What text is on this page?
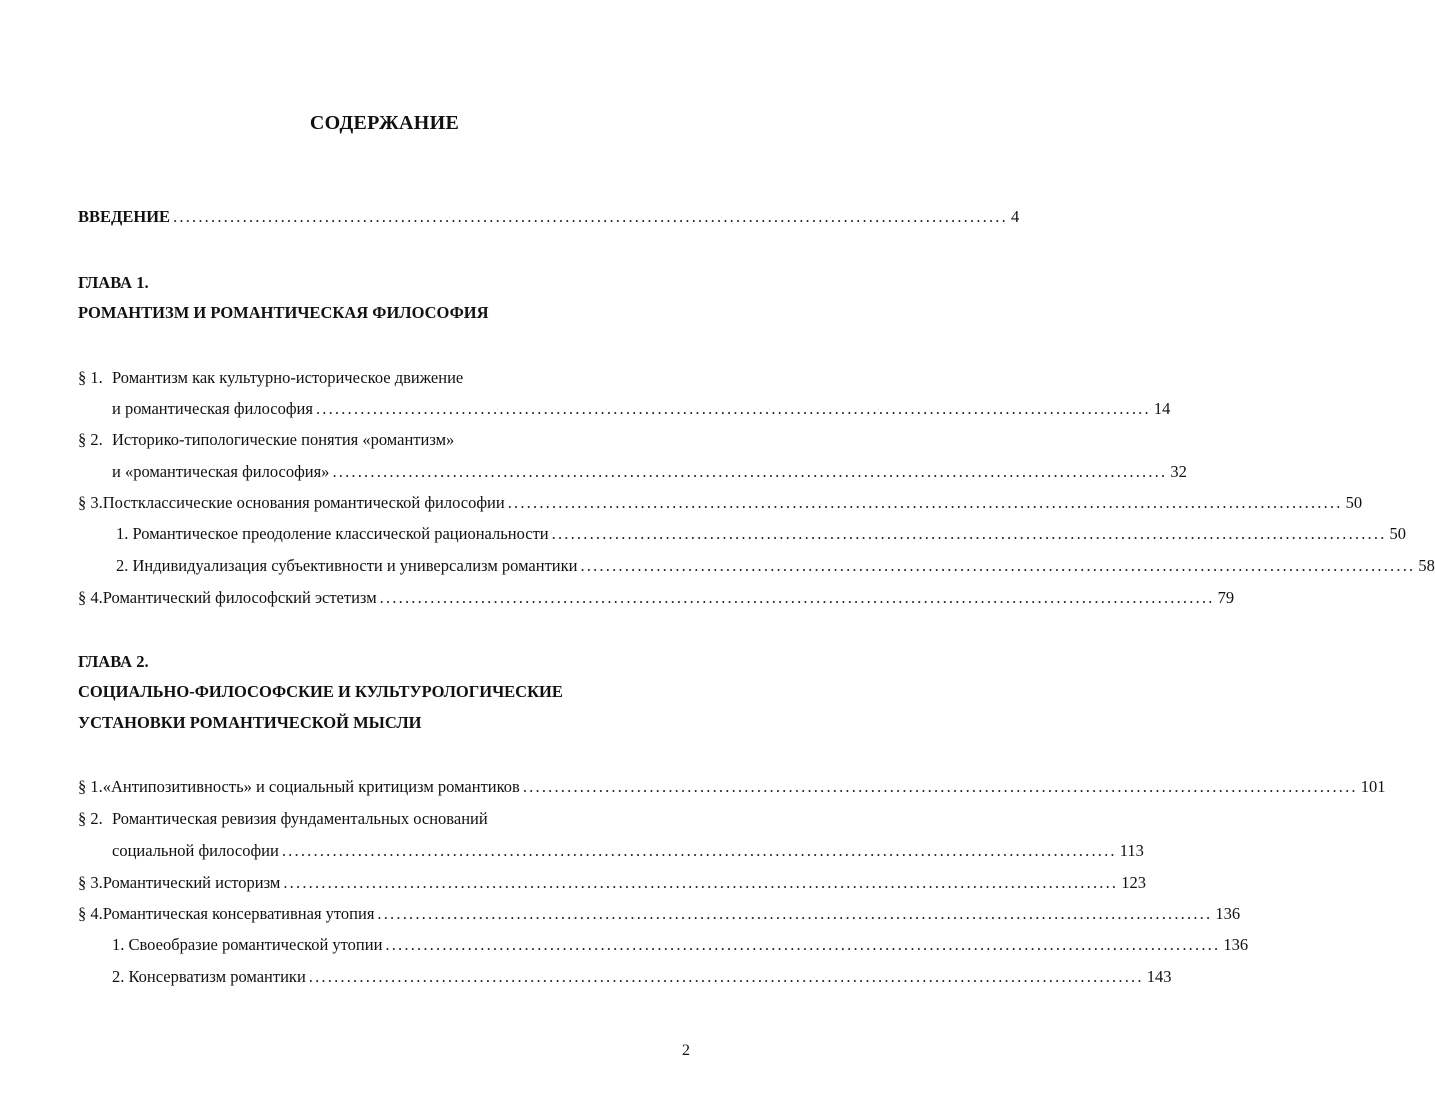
СОДЕРЖАНИЕ
ВВЕДЕНИЕ .................................................................................................................................... 4
ГЛАВА 1.
РОМАНТИЗМ И РОМАНТИЧЕСКАЯ ФИЛОСОФИЯ
§ 1. Романтизм как культурно-историческое движение
и романтическая философия .................................................................................................................................... 14
§ 2. Историко-типологические понятия «романтизм»
и «романтическая философия» .................................................................................................................................... 32
§ 3. Постклассические основания романтической философии .................................................................................................................................... 50
1. Романтическое преодоление классической рациональности .................................................................................................................................... 50
2. Индивидуализация субъективности и универсализм романтики .................................................................................................................................... 58
§ 4. Романтический философский эстетизм .................................................................................................................................... 79
ГЛАВА 2.
СОЦИАЛЬНО-ФИЛОСОФСКИЕ И КУЛЬТУРОЛОГИЧЕСКИЕ
УСТАНОВКИ РОМАНТИЧЕСКОЙ МЫСЛИ
§ 1. «Антипозитивность» и социальный критицизм романтиков .................................................................................................................................... 101
§ 2. Романтическая ревизия фундаментальных оснований
социальной философии .................................................................................................................................... 113
§ 3. Романтический историзм .................................................................................................................................... 123
§ 4. Романтическая консервативная утопия .................................................................................................................................... 136
1. Своеобразие романтической утопии .................................................................................................................................... 136
2. Консерватизм романтики .................................................................................................................................... 143
2
